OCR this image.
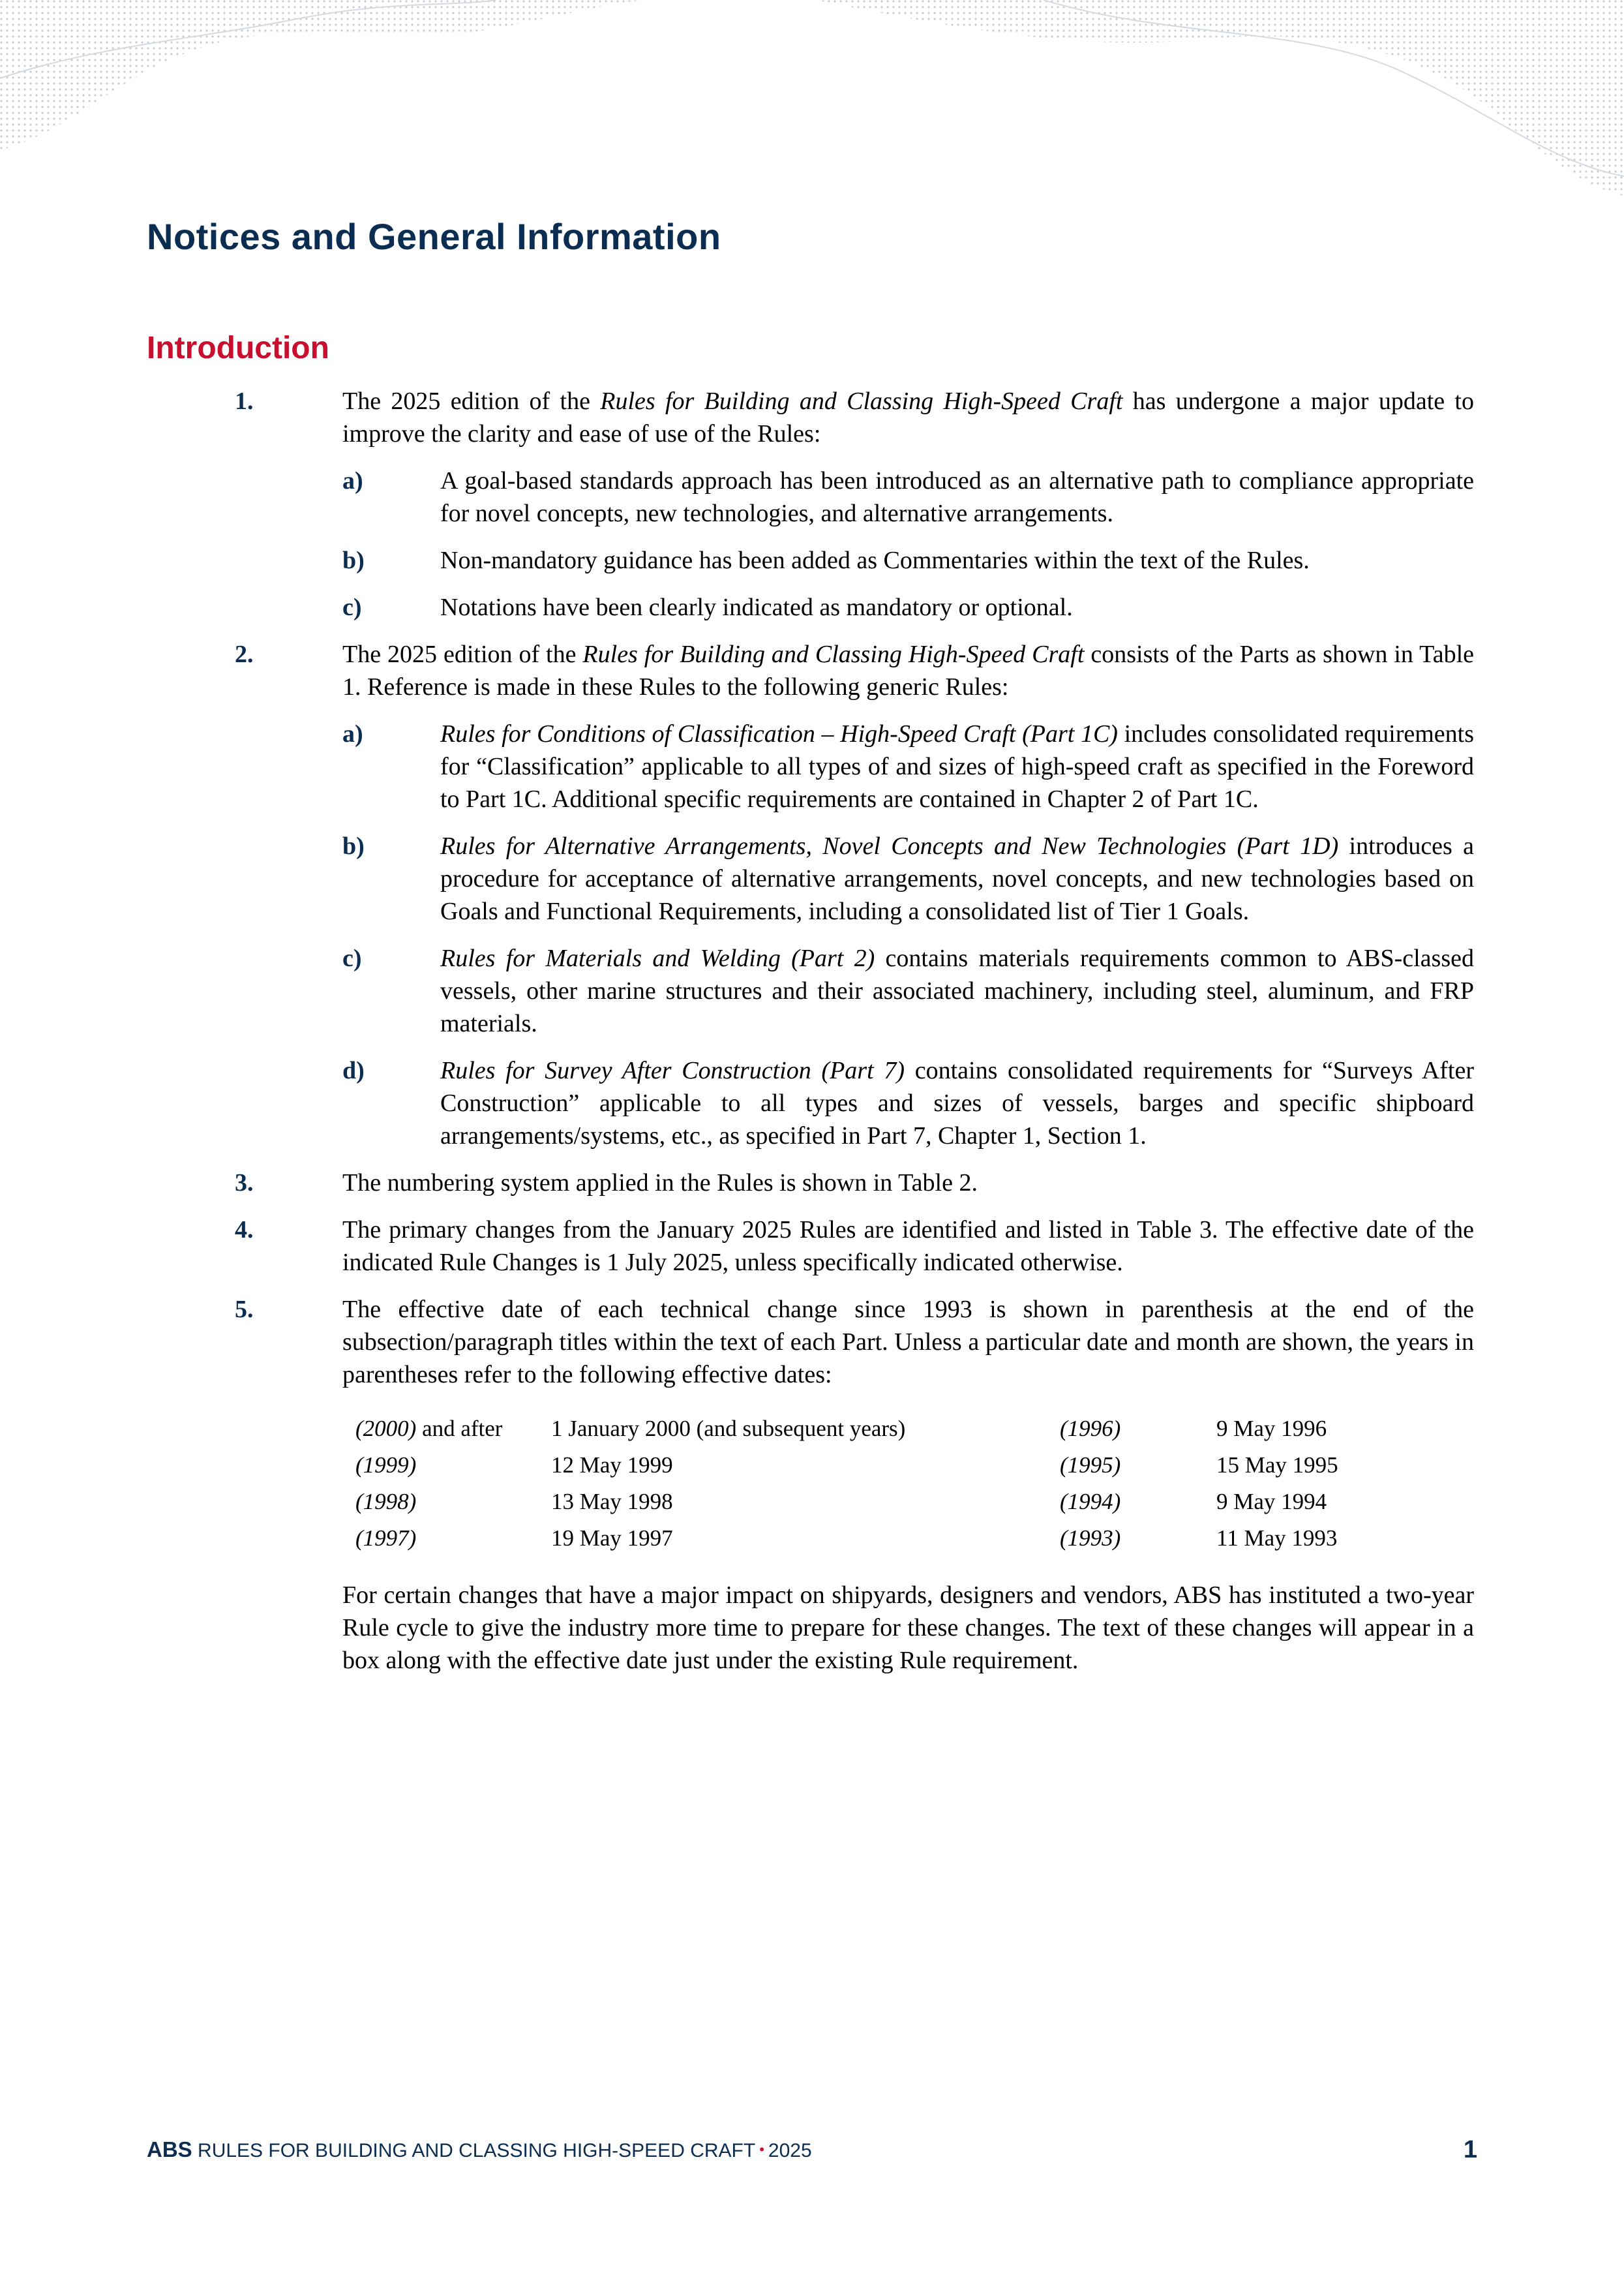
Notices and General Information
Introduction
1.	The 2025 edition of the Rules for Building and Classing High-Speed Craft has undergone a major update to improve the clarity and ease of use of the Rules:
a)	A goal-based standards approach has been introduced as an alternative path to compliance appropriate for novel concepts, new technologies, and alternative arrangements.
b)	Non-mandatory guidance has been added as Commentaries within the text of the Rules.
c)	Notations have been clearly indicated as mandatory or optional.
2.	The 2025 edition of the Rules for Building and Classing High-Speed Craft consists of the Parts as shown in Table 1. Reference is made in these Rules to the following generic Rules:
a)	Rules for Conditions of Classification – High-Speed Craft (Part 1C) includes consolidated requirements for “Classification” applicable to all types of and sizes of high-speed craft as specified in the Foreword to Part 1C. Additional specific requirements are contained in Chapter 2 of Part 1C.
b)	Rules for Alternative Arrangements, Novel Concepts and New Technologies (Part 1D) introduces a procedure for acceptance of alternative arrangements, novel concepts, and new technologies based on Goals and Functional Requirements, including a consolidated list of Tier 1 Goals.
c)	Rules for Materials and Welding (Part 2) contains materials requirements common to ABS-classed vessels, other marine structures and their associated machinery, including steel, aluminum, and FRP materials.
d)	Rules for Survey After Construction (Part 7) contains consolidated requirements for “Surveys After Construction” applicable to all types and sizes of vessels, barges and specific shipboard arrangements/systems, etc., as specified in Part 7, Chapter 1, Section 1.
3.	The numbering system applied in the Rules is shown in Table 2.
4.	The primary changes from the January 2025 Rules are identified and listed in Table 3. The effective date of the indicated Rule Changes is 1 July 2025, unless specifically indicated otherwise.
5.	The effective date of each technical change since 1993 is shown in parenthesis at the end of the subsection/paragraph titles within the text of each Part. Unless a particular date and month are shown, the years in parentheses refer to the following effective dates:
(2000) and after	1 January 2000 (and subsequent years)	(1996)	9 May 1996
(1999)	12 May 1999	(1995)	15 May 1995
(1998)	13 May 1998	(1994)	9 May 1994
(1997)	19 May 1997	(1993)	11 May 1993
For certain changes that have a major impact on shipyards, designers and vendors, ABS has instituted a two-year Rule cycle to give the industry more time to prepare for these changes. The text of these changes will appear in a box along with the effective date just under the existing Rule requirement.
ABS RULES FOR BUILDING AND CLASSING HIGH-SPEED CRAFT • 2025	1
